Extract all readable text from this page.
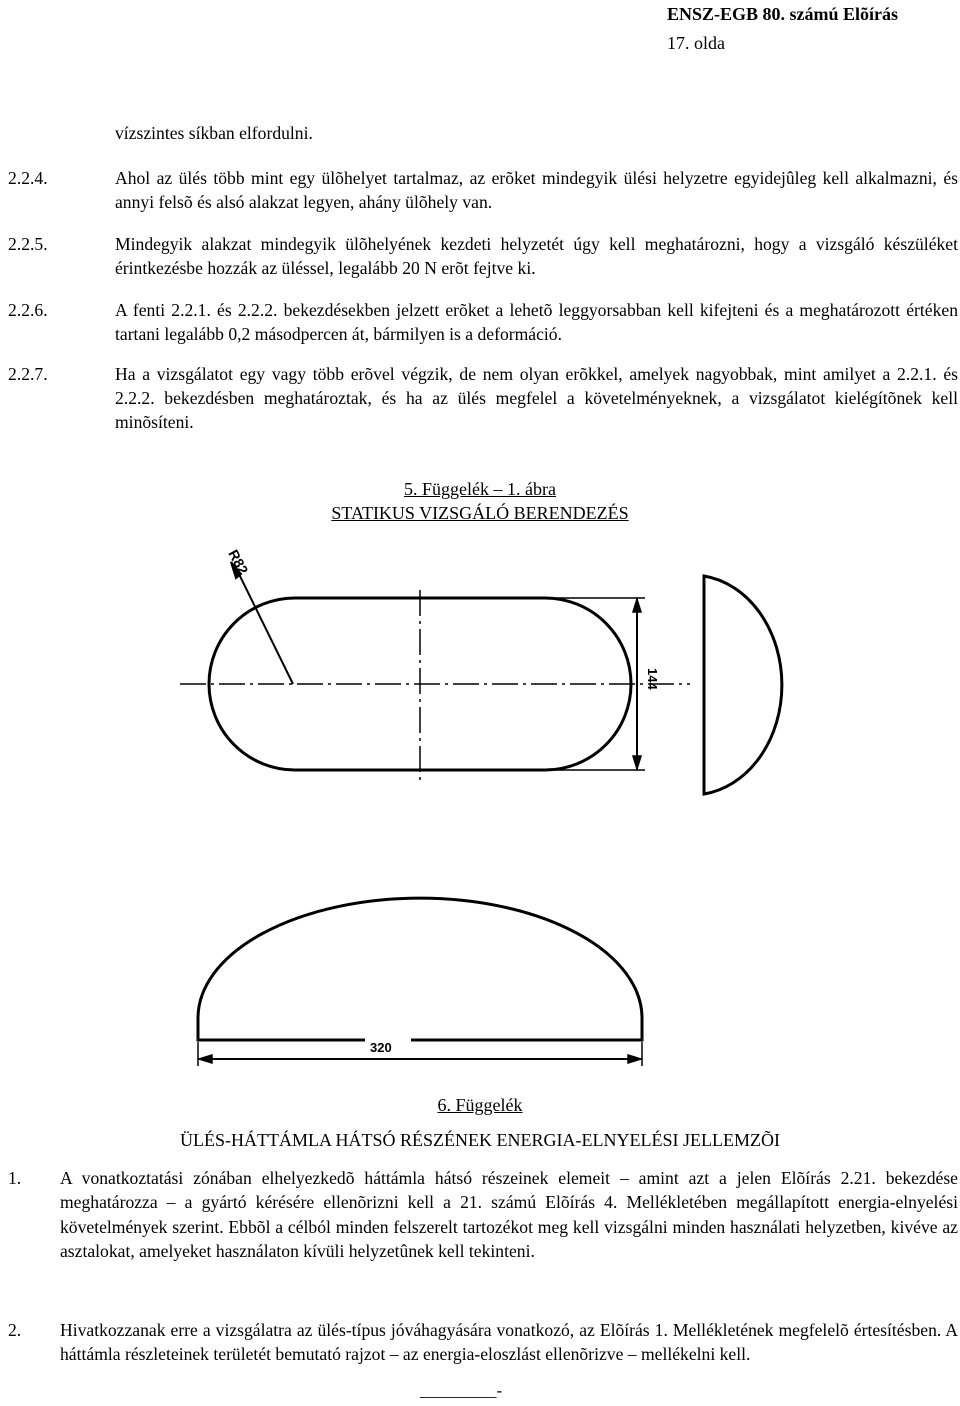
ENSZ-EGB 80. számú Elõírás
17. olda
vízszintes síkban elfordulni.
2.2.4.	Ahol az ülés több mint egy ülõhelyet tartalmaz, az erõket mindegyik ülési helyzetre egyidejûleg kell alkalmazni, és annyi felsõ és alsó alakzat legyen, ahány ülõhely van.
2.2.5.	Mindegyik alakzat mindegyik ülõhelyének kezdeti helyzetét úgy kell meghatározni, hogy a vizsgáló készüléket érintkezésbe hozzák az üléssel, legalább 20 N erõt fejtve ki.
2.2.6.	A fenti 2.2.1. és 2.2.2. bekezdésekben jelzett erõket a lehetõ leggyorsabban kell kifejteni és a meghatározott értéken tartani legalább 0,2 másodpercen át, bármilyen is a deformáció.
2.2.7.	Ha a vizsgálatot egy vagy több erõvel végzik, de nem olyan erõkkel, amelyek nagyobbak, mint amilyet a 2.2.1. és 2.2.2. bekezdésben meghatároztak, és ha az ülés megfelel a követelményeknek, a vizsgálatot kielégítõnek kell minõsíteni.
5. Függelék – 1. ábra
STATIKUS VIZSGÁLÓ BERENDEZÉS
R82
144
320
6. Függelék
ÜLÉS-HÁTTÁMLA HÁTSÓ RÉSZÉNEK ENERGIA-ELNYELÉSI JELLEMZÕI
1. A vonatkoztatási zónában elhelyezkedõ háttámla hátsó részeinek elemeit – amint azt a jelen Elõírás 2.21. bekezdése meghatározza – a gyártó kérésére ellenõrizni kell a 21. számú Elõírás 4. Mellékletében megállapított energia-elnyelési követelmények szerint. Ebbõl a célból minden felszerelt tartozékot meg kell vizsgálni minden használati helyzetben, kivéve az asztalokat, amelyeket használaton kívüli helyzetûnek kell tekinteni.
2. Hivatkozzanak erre a vizsgálatra az ülés-típus jóváhagyására vonatkozó, az Elõírás 1. Mellékletének megfelelõ értesítésben. A háttámla részleteinek területét bemutató rajzot – az energia-eloszlást ellenõrizve – mellékelni kell.
_________-
